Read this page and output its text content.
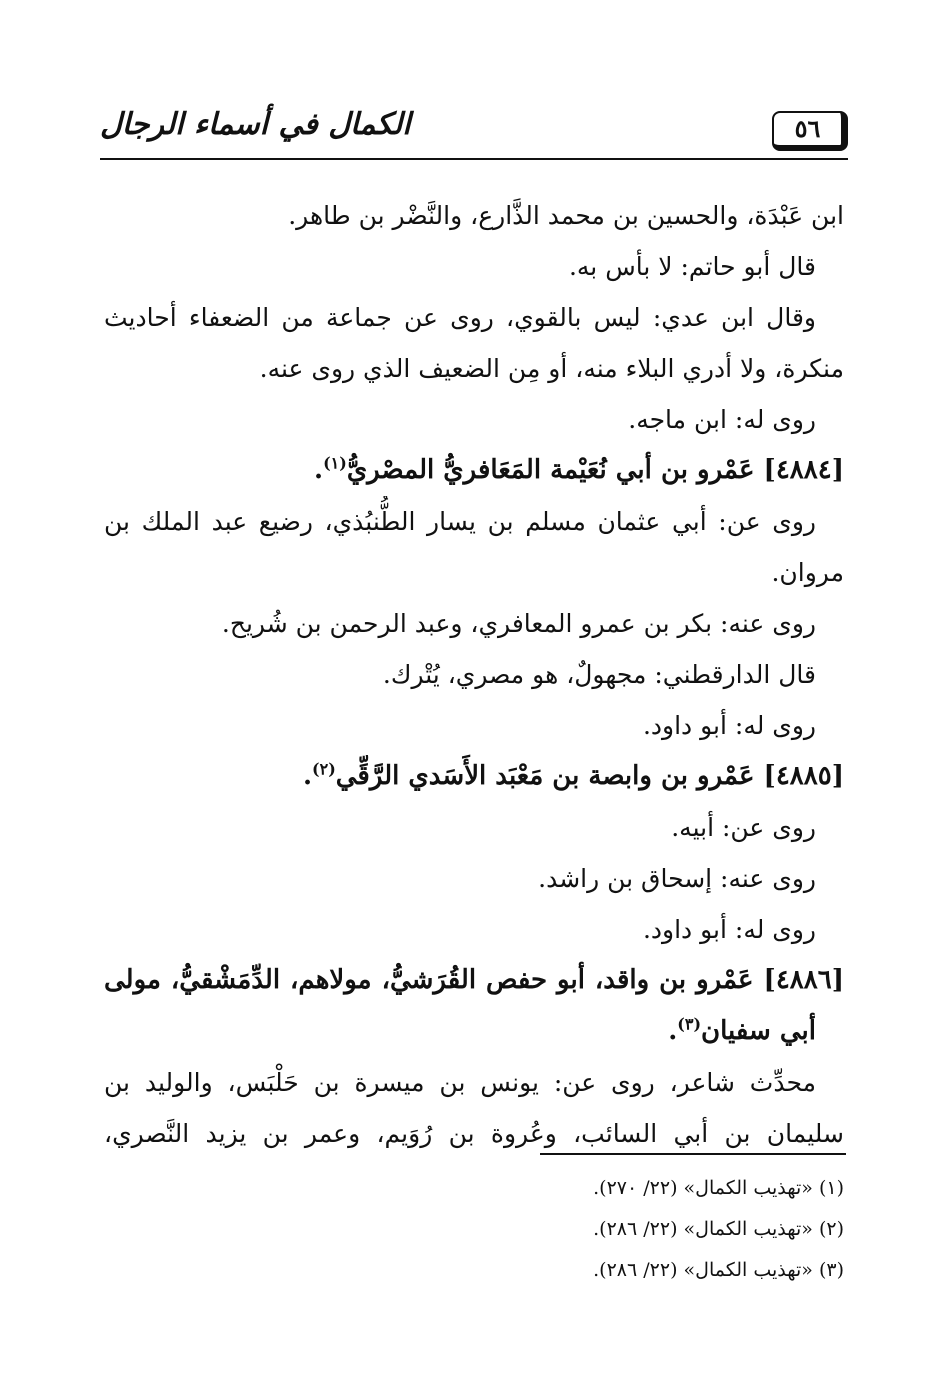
٥٦
الكمال في أسماء الرجال
ابن عَبْدَة، والحسين بن محمد الذَّارع، والنَّضْر بن طاهر.
قال أبو حاتم: لا بأس به.
وقال ابن عدي: ليس بالقوي، روى عن جماعة من الضعفاء أحاديث
منكرة، ولا أدري البلاء منه، أو مِن الضعيف الذي روى عنه.
روى له: ابن ماجه.
[٤٨٨٤] عَمْرو بن أبي نُعَيْمة المَعَافريُّ المصْريُّ$^{(١)}$.
روى عن: أبي عثمان مسلم بن يسار الطُّنبُذي، رضيع عبد الملك بن
مروان.
روى عنه: بكر بن عمرو المعافري، وعبد الرحمن بن شُريح.
قال الدارقطني: مجهولٌ، هو مصري، يُتْرك.
روى له: أبو داود.
[٤٨٨٥] عَمْرو بن وابصة بن مَعْبَد الأَسَدي الرَّقِّي$^{(٢)}$.
روى عن: أبيه.
روى عنه: إسحاق بن راشد.
روى له: أبو داود.
[٤٨٨٦] عَمْرو بن واقد، أبو حفص القُرَشيُّ، مولاهم، الدِّمَشْقيُّ، مولى
أبي سفيان$^{(٣)}$.
محدِّث شاعر، روى عن: يونس بن ميسرة بن حَلْبَس، والوليد بن
سليمان بن أبي السائب، وعُروة بن رُوَيم، وعمر بن يزيد النَّصري،
(١) «تهذيب الكمال» (٢٢/ ٢٧٠).
(٢) «تهذيب الكمال» (٢٢/ ٢٨٦).
(٣) «تهذيب الكمال» (٢٢/ ٢٨٦).
